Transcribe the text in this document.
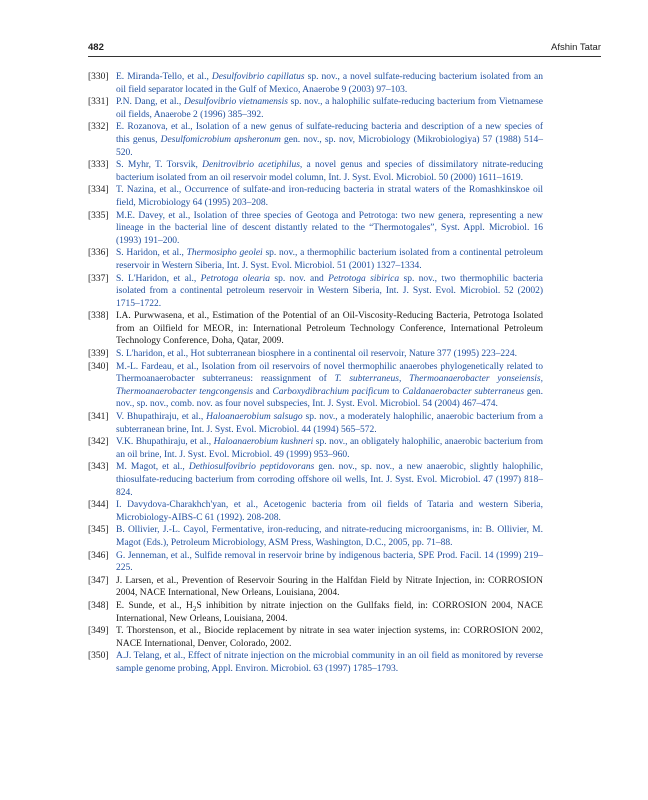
482	Afshin Tatar
[330] E. Miranda-Tello, et al., Desulfovibrio capillatus sp. nov., a novel sulfate-reducing bacterium isolated from an oil field separator located in the Gulf of Mexico, Anaerobe 9 (2003) 97–103.
[331] P.N. Dang, et al., Desulfovibrio vietnamensis sp. nov., a halophilic sulfate-reducing bacterium from Vietnamese oil fields, Anaerobe 2 (1996) 385–392.
[332] E. Rozanova, et al., Isolation of a new genus of sulfate-reducing bacteria and description of a new species of this genus, Desulfomicrobium apsheronum gen. nov., sp. nov, Microbiology (Mikrobiologiya) 57 (1988) 514–520.
[333] S. Myhr, T. Torsvik, Denitrovibrio acetiphilus, a novel genus and species of dissimilatory nitrate-reducing bacterium isolated from an oil reservoir model column, Int. J. Syst. Evol. Microbiol. 50 (2000) 1611–1619.
[334] T. Nazina, et al., Occurrence of sulfate-and iron-reducing bacteria in stratal waters of the Romashkinskoe oil field, Microbiology 64 (1995) 203–208.
[335] M.E. Davey, et al., Isolation of three species of Geotoga and Petrotoga: two new genera, representing a new lineage in the bacterial line of descent distantly related to the “Thermotogales”, Syst. Appl. Microbiol. 16 (1993) 191–200.
[336] S. Haridon, et al., Thermosipho geolei sp. nov., a thermophilic bacterium isolated from a continental petroleum reservoir in Western Siberia, Int. J. Syst. Evol. Microbiol. 51 (2001) 1327–1334.
[337] S. L'Haridon, et al., Petrotoga olearia sp. nov. and Petrotoga sibirica sp. nov., two thermophilic bacteria isolated from a continental petroleum reservoir in Western Siberia, Int. J. Syst. Evol. Microbiol. 52 (2002) 1715–1722.
[338] I.A. Purwwasena, et al., Estimation of the Potential of an Oil-Viscosity-Reducing Bacteria, Petrotoga Isolated from an Oilfield for MEOR, in: International Petroleum Technology Conference, International Petroleum Technology Conference, Doha, Qatar, 2009.
[339] S. L'haridon, et al., Hot subterranean biosphere in a continental oil reservoir, Nature 377 (1995) 223–224.
[340] M.-L. Fardeau, et al., Isolation from oil reservoirs of novel thermophilic anaerobes phylogenetically related to Thermoanaerobacter subterraneus: reassignment of T. subterraneus, Thermoanaerobacter yonseiensis, Thermoanaerobacter tengcongensis and Carboxydibrachium pacificum to Caldanaerobacter subterraneus gen. nov., sp. nov., comb. nov. as four novel subspecies, Int. J. Syst. Evol. Microbiol. 54 (2004) 467–474.
[341] V. Bhupathiraju, et al., Haloanaerobium salsugo sp. nov., a moderately halophilic, anaerobic bacterium from a subterranean brine, Int. J. Syst. Evol. Microbiol. 44 (1994) 565–572.
[342] V.K. Bhupathiraju, et al., Haloanaerobium kushneri sp. nov., an obligately halophilic, anaerobic bacterium from an oil brine, Int. J. Syst. Evol. Microbiol. 49 (1999) 953–960.
[343] M. Magot, et al., Dethiosulfovibrio peptidovorans gen. nov., sp. nov., a new anaerobic, slightly halophilic, thiosulfate-reducing bacterium from corroding offshore oil wells, Int. J. Syst. Evol. Microbiol. 47 (1997) 818–824.
[344] I. Davydova-Charakhch'yan, et al., Acetogenic bacteria from oil fields of Tataria and western Siberia, Microbiology-AIBS-C 61 (1992). 208-208.
[345] B. Ollivier, J.-L. Cayol, Fermentative, iron-reducing, and nitrate-reducing microorganisms, in: B. Ollivier, M. Magot (Eds.), Petroleum Microbiology, ASM Press, Washington, D.C., 2005, pp. 71–88.
[346] G. Jenneman, et al., Sulfide removal in reservoir brine by indigenous bacteria, SPE Prod. Facil. 14 (1999) 219–225.
[347] J. Larsen, et al., Prevention of Reservoir Souring in the Halfdan Field by Nitrate Injection, in: CORROSION 2004, NACE International, New Orleans, Louisiana, 2004.
[348] E. Sunde, et al., $H_2S$ inhibition by nitrate injection on the Gullfaks field, in: CORROSION 2004, NACE International, New Orleans, Louisiana, 2004.
[349] T. Thorstenson, et al., Biocide replacement by nitrate in sea water injection systems, in: CORROSION 2002, NACE International, Denver, Colorado, 2002.
[350] A.J. Telang, et al., Effect of nitrate injection on the microbial community in an oil field as monitored by reverse sample genome probing, Appl. Environ. Microbiol. 63 (1997) 1785–1793.
